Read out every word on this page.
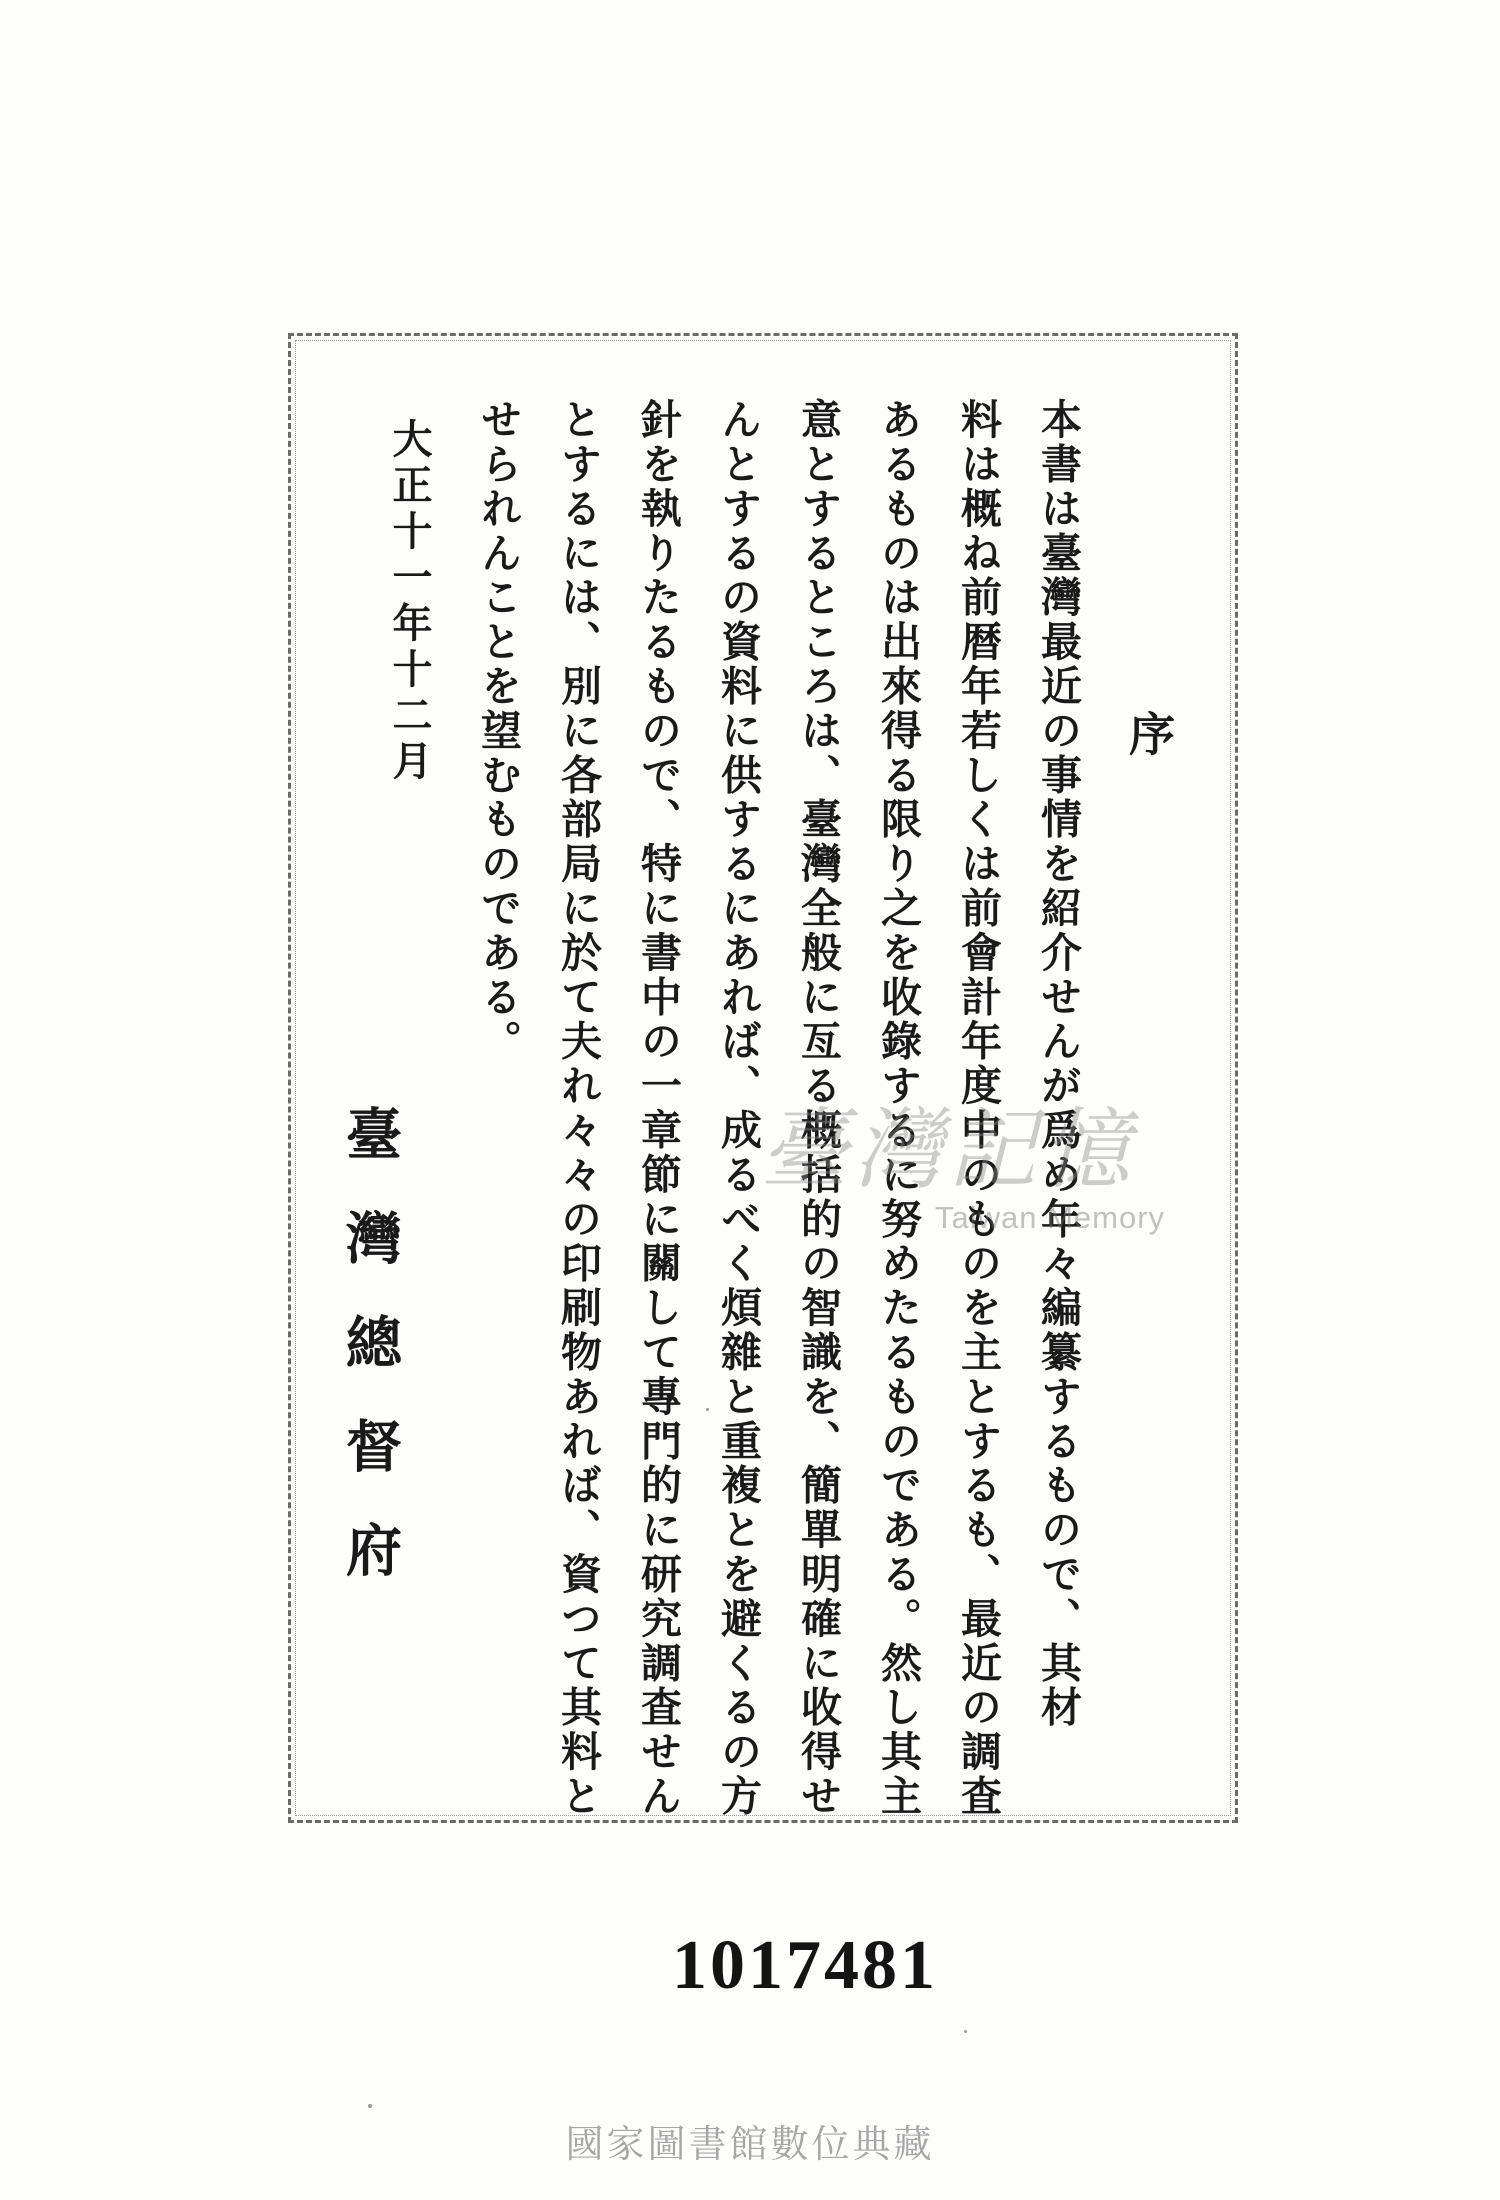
序
本書は臺灣最近の事情を紹介せんが爲め年々編纂するもので、其材
料は概ね前暦年若しくは前會計年度中のものを主とするも、最近の調査
あるものは出來得る限り之を收錄するに努めたるものである。然し其主
意とするところは、臺灣全般に亙る概括的の智識を、簡單明確に收得せ
んとするの資料に供するにあれば、成るべく煩雜と重複とを避くるの方
針を執りたるもので、特に書中の一章節に關して專門的に研究調査せん
とするには、別に各部局に於て夫れ々々の印刷物あれば、資つて其料と
せられんことを望むものである。
大正十一年十二月
臺灣總督府	臺灣記憶
Taiwan Memory
1017481
國家圖書館數位典藏
